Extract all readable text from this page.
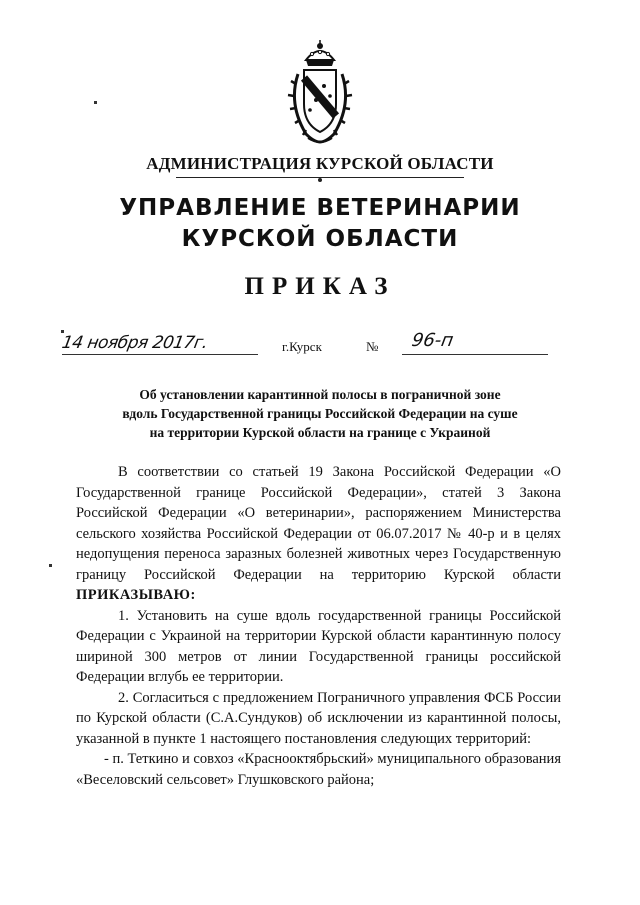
АДМИНИСТРАЦИЯ КУРСКОЙ ОБЛАСТИ
УПРАВЛЕНИЕ ВЕТЕРИНАРИИ
КУРСКОЙ ОБЛАСТИ
ПРИКАЗ
14 ноября 2017г.	г.Курск	№ 96-п
Об установлении карантинной полосы в пограничной зоне
вдоль Государственной границы Российской Федерации на суше
на территории Курской области на границе с Украиной
В соответствии со статьей 19 Закона Российской Федерации «О Государственной границе Российской Федерации», статей 3 Закона Российской Федерации «О ветеринарии», распоряжением Министерства сельского хозяйства Российской Федерации от 06.07.2017 № 40-р и в целях недопущения переноса заразных болезней животных через Государственную границу Российской Федерации на территорию Курской области ПРИКАЗЫВАЮ:
1. Установить на суше вдоль государственной границы Российской Федерации с Украиной на территории Курской области карантинную полосу шириной 300 метров от линии Государственной границы российской Федерации вглубь ее территории.
2. Согласиться с предложением Пограничного управления ФСБ России по Курской области (С.А.Сундуков) об исключении из карантинной полосы, указанной в пункте 1 настоящего постановления следующих территорий:
- п. Теткино и совхоз «Краснооктябрьский» муниципального образования «Веселовский сельсовет» Глушковского района;
